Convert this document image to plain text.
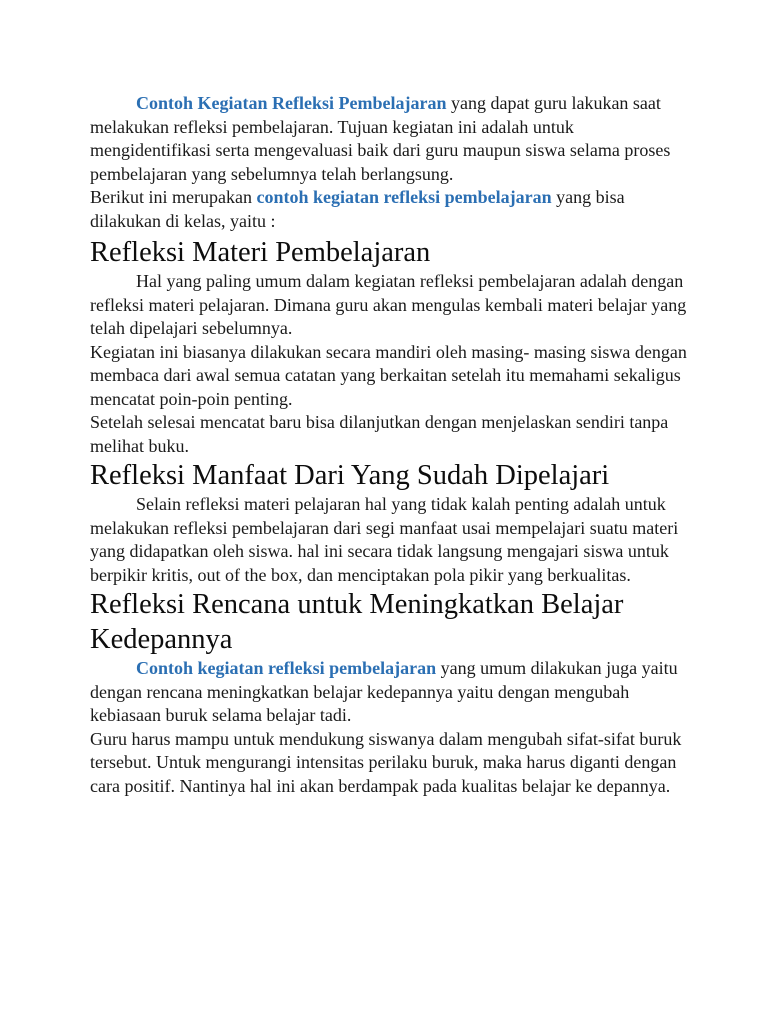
Contoh Kegiatan Refleksi Pembelajaran yang dapat guru lakukan saat melakukan refleksi pembelajaran. Tujuan kegiatan ini adalah untuk mengidentifikasi serta mengevaluasi baik dari guru maupun siswa selama proses pembelajaran yang sebelumnya telah berlangsung.

Berikut ini merupakan contoh kegiatan refleksi pembelajaran yang bisa dilakukan di kelas, yaitu :

Refleksi Materi Pembelajaran

Hal yang paling umum dalam kegiatan refleksi pembelajaran adalah dengan refleksi materi pelajaran. Dimana guru akan mengulas kembali materi belajar yang telah dipelajari sebelumnya.

Kegiatan ini biasanya dilakukan secara mandiri oleh masing- masing siswa dengan membaca dari awal semua catatan yang berkaitan setelah itu memahami sekaligus mencatat poin-poin penting.

Setelah selesai mencatat baru bisa dilanjutkan dengan menjelaskan sendiri tanpa melihat buku.

Refleksi Manfaat Dari Yang Sudah Dipelajari

Selain refleksi materi pelajaran hal yang tidak kalah penting adalah untuk melakukan refleksi pembelajaran dari segi manfaat usai mempelajari suatu materi yang didapatkan oleh siswa. hal ini secara tidak langsung mengajari siswa untuk berpikir kritis, out of the box, dan menciptakan pola pikir yang berkualitas.

Refleksi Rencana untuk Meningkatkan Belajar Kedepannya

Contoh kegiatan refleksi pembelajaran yang umum dilakukan juga yaitu dengan rencana meningkatkan belajar kedepannya yaitu dengan mengubah kebiasaan buruk selama belajar tadi.

Guru harus mampu untuk mendukung siswanya dalam mengubah sifat-sifat buruk tersebut. Untuk mengurangi intensitas perilaku buruk, maka harus diganti dengan cara positif. Nantinya hal ini akan berdampak pada kualitas belajar ke depannya.
